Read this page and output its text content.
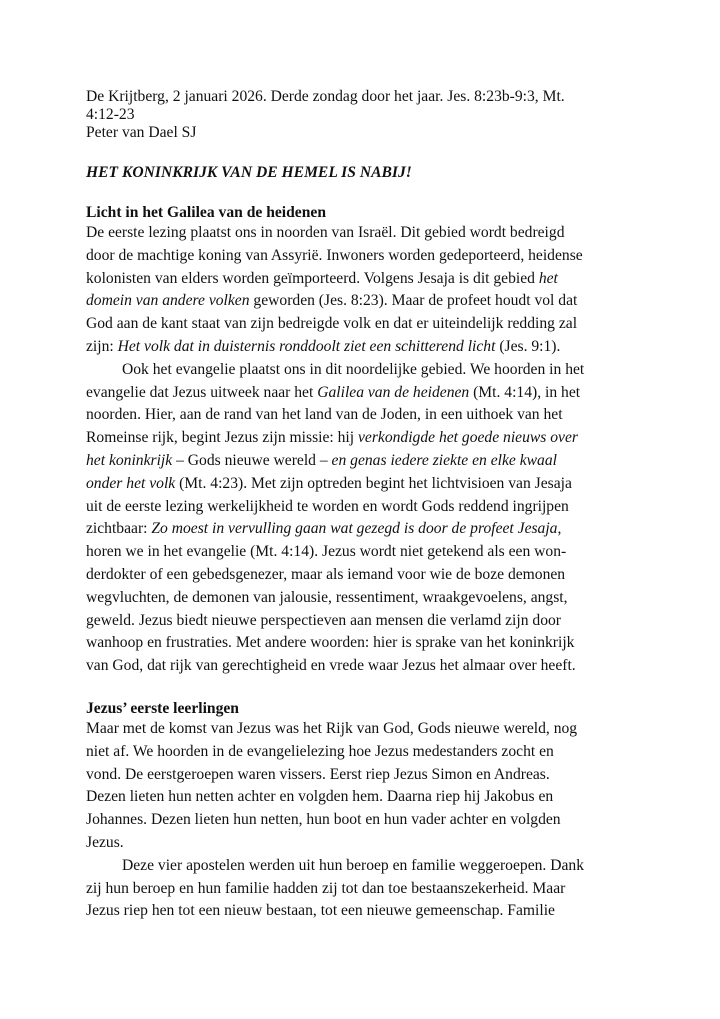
De Krijtberg, 2 januari 2026. Derde zondag door het jaar. Jes. 8:23b-9:3, Mt.
4:12-23
Peter van Dael SJ
HET KONINKRIJK VAN DE HEMEL IS NABIJ!
Licht in het Galilea van de heidenen
De eerste lezing plaatst ons in noorden van Israël. Dit gebied wordt bedreigd
door de machtige koning van Assyrië. Inwoners worden gedeporteerd, heidense
kolonisten van elders worden geïmporteerd. Volgens Jesaja is dit gebied het
domein van andere volken geworden (Jes. 8:23). Maar de profeet houdt vol dat
God aan de kant staat van zijn bedreigde volk en dat er uiteindelijk redding zal
zijn: Het volk dat in duisternis ronddoolt ziet een schitterend licht (Jes. 9:1).
Ook het evangelie plaatst ons in dit noordelijke gebied. We hoorden in het
evangelie dat Jezus uitweek naar het Galilea van de heidenen (Mt. 4:14), in het
noorden. Hier, aan de rand van het land van de Joden, in een uithoek van het
Romeinse rijk, begint Jezus zijn missie: hij verkondigde het goede nieuws over
het koninkrijk – Gods nieuwe wereld – en genas iedere ziekte en elke kwaal
onder het volk (Mt. 4:23). Met zijn optreden begint het lichtvisioen van Jesaja
uit de eerste lezing werkelijkheid te worden en wordt Gods reddend ingrijpen
zichtbaar: Zo moest in vervulling gaan wat gezegd is door de profeet Jesaja,
horen we in het evangelie (Mt. 4:14). Jezus wordt niet getekend als een won-
derdokter of een gebedsgenezer, maar als iemand voor wie de boze demonen
wegvluchten, de demonen van jalousie, ressentiment, wraakgevoelens, angst,
geweld. Jezus biedt nieuwe perspectieven aan mensen die verlamd zijn door
wanhoop en frustraties. Met andere woorden: hier is sprake van het koninkrijk
van God, dat rijk van gerechtigheid en vrede waar Jezus het almaar over heeft.
Jezus’ eerste leerlingen
Maar met de komst van Jezus was het Rijk van God, Gods nieuwe wereld, nog
niet af. We hoorden in de evangelielezing hoe Jezus medestanders zocht en
vond. De eerstgeroepen waren vissers. Eerst riep Jezus Simon en Andreas.
Dezen lieten hun netten achter en volgden hem. Daarna riep hij Jakobus en
Johannes. Dezen lieten hun netten, hun boot en hun vader achter en volgden
Jezus.
Deze vier apostelen werden uit hun beroep en familie weggeroepen. Dank
zij hun beroep en hun familie hadden zij tot dan toe bestaanszekerheid. Maar
Jezus riep hen tot een nieuw bestaan, tot een nieuwe gemeenschap. Familie
